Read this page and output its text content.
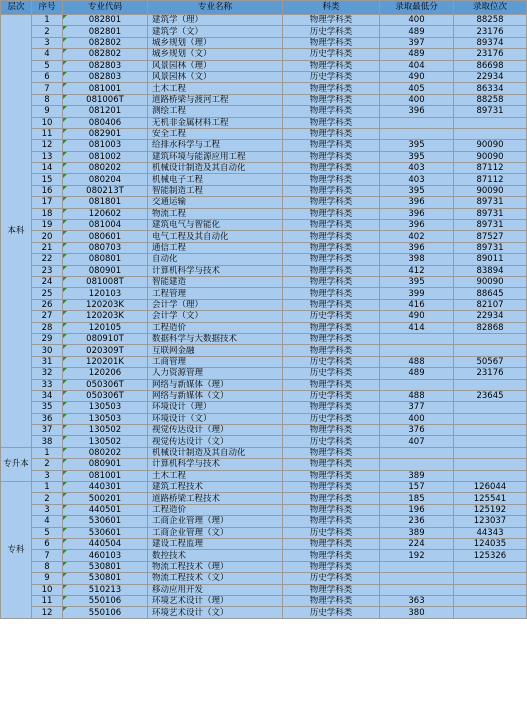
层次	序号	专业代码	专业名称	科类	录取最低分	录取位次
本科	1	082801	建筑学（理）	物理学科类	400	88258
	2	082801	建筑学（文）	历史学科类	489	23176
	3	082802	城乡规划（理）	物理学科类	397	89374
	4	082802	城乡规划（文）	历史学科类	489	23176
	5	082803	风景园林（理）	物理学科类	404	86698
	6	082803	风景园林（文）	历史学科类	490	22934
	7	081001	土木工程	物理学科类	405	86334
	8	081006T	道路桥梁与渡河工程	物理学科类	400	88258
	9	081201	测绘工程	物理学科类	396	89731
	10	080406	无机非金属材料工程	物理学科类		
	11	082901	安全工程	物理学科类		
	12	081003	给排水科学与工程	物理学科类	395	90090
	13	081002	建筑环境与能源应用工程	物理学科类	395	90090
	14	080202	机械设计制造及其自动化	物理学科类	403	87112
	15	080204	机械电子工程	物理学科类	403	87112
	16	080213T	智能制造工程	物理学科类	395	90090
	17	081801	交通运输	物理学科类	396	89731
	18	120602	物流工程	物理学科类	396	89731
	19	081004	建筑电气与智能化	物理学科类	396	89731
	20	080601	电气工程及其自动化	物理学科类	402	87527
	21	080703	通信工程	物理学科类	396	89731
	22	080801	自动化	物理学科类	398	89011
	23	080901	计算机科学与技术	物理学科类	412	83894
	24	081008T	智能建造	物理学科类	395	90090
	25	120103	工程管理	物理学科类	399	88645
	26	120203K	会计学（理）	物理学科类	416	82107
	27	120203K	会计学（文）	历史学科类	490	22934
	28	120105	工程造价	物理学科类	414	82868
	29	080910T	数据科学与大数据技术	物理学科类		
	30	020309T	互联网金融	物理学科类		
	31	120201K	工商管理	历史学科类	488	50567
	32	120206	人力资源管理	历史学科类	489	23176
	33	050306T	网络与新媒体（理）	物理学科类		
	34	050306T	网络与新媒体（文）	历史学科类	488	23645
	35	130503	环境设计（理）	物理学科类	377	
	36	130503	环境设计（文）	历史学科类	400	
	37	130502	视觉传达设计（理）	物理学科类	376	
	38	130502	视觉传达设计（文）	历史学科类	407	
专升本	1	080202	机械设计制造及其自动化	物理学科类		
	2	080901	计算机科学与技术	物理学科类		
	3	081001	土木工程	物理学科类	389	
专科	1	440301	建筑工程技术	物理学科类	157	126044
	2	500201	道路桥梁工程技术	物理学科类	185	125541
	3	440501	工程造价	物理学科类	196	125192
	4	530601	工商企业管理（理）	物理学科类	236	123037
	5	530601	工商企业管理（文）	历史学科类	389	44343
	6	440504	建设工程监理	物理学科类	224	124035
	7	460103	数控技术	物理学科类	192	125326
	8	530801	物流工程技术（理）	物理学科类		
	9	530801	物流工程技术（文）	历史学科类		
	10	510213	移动应用开发	物理学科类		
	11	550106	环境艺术设计（理）	物理学科类	363	
	12	550106	环境艺术设计（文）	历史学科类	380	
